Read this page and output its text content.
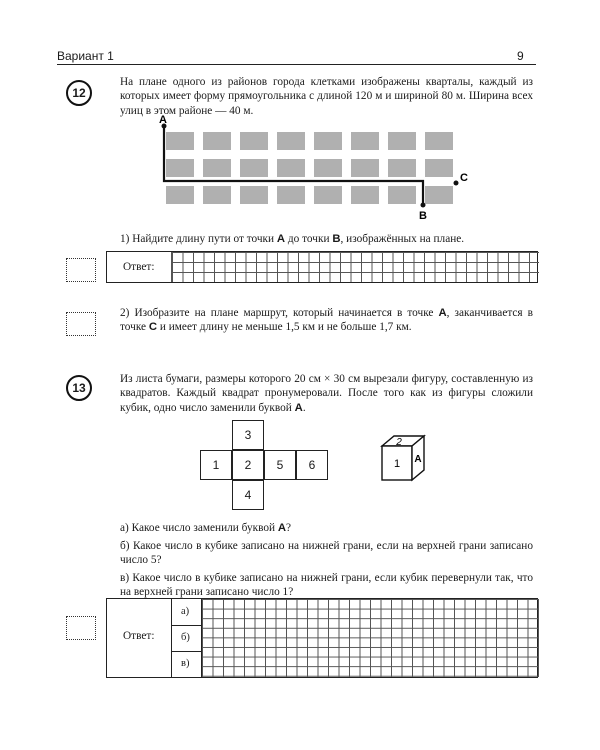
Вариант 1	9
12
На плане одного из районов города клетками изображены кварталы, каждый из которых имеет форму прямоугольника с длиной 120 м и шириной 80 м. Ширина всех улиц в этом районе — 40 м.
A
B
C
1) Найдите длину пути от точки A до точки B, изображённых на плане.
Ответ:
2) Изобразите на плане маршрут, который начинается в точке A, заканчивается в точке C и имеет длину не меньше 1,5 км и не больше 1,7 км.
13
Из листа бумаги, размеры которого 20 см × 30 см вырезали фигуру, составленную из квадратов. Каждый квадрат пронумеровали. После того как из фигуры сложили кубик, одно число заменили буквой A.
3
1	2	5	6
4
2
1 A
а) Какое число заменили буквой A?
б) Какое число в кубике записано на нижней грани, если на верхней грани записано число 5?
в) Какое число в кубике записано на нижней грани, если кубик перевернули так, что на верхней грани записано число 1?
Ответ:
а)
б)
в)
